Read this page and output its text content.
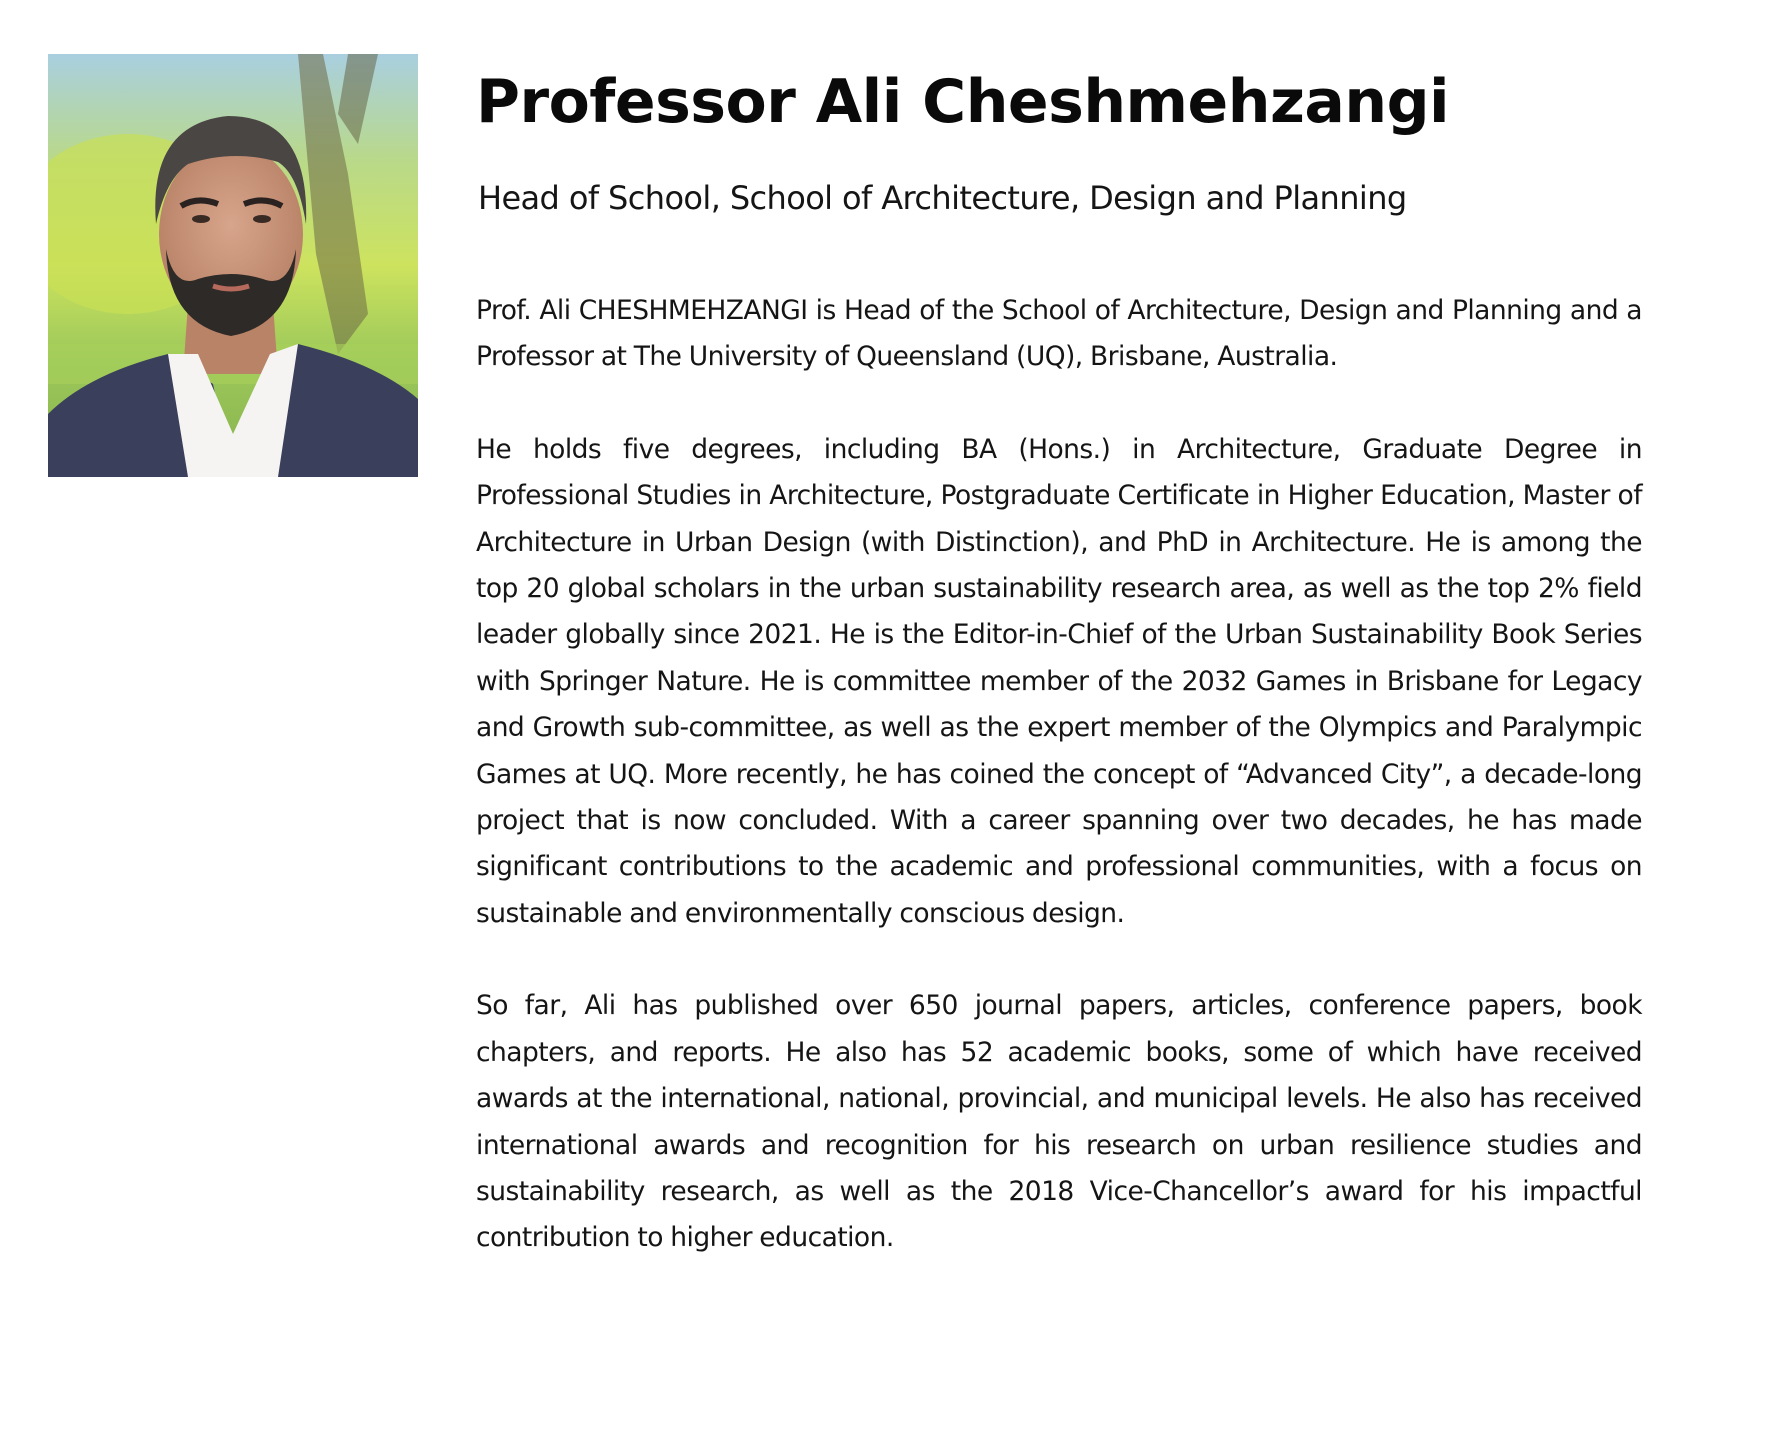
Professor Ali Cheshmehzangi
Head of School, School of Architecture, Design and Planning

Prof. Ali CHESHMEHZANGI is Head of the School of Architecture, Design and Planning and a Professor at The University of Queensland (UQ), Brisbane, Australia.

He holds five degrees, including BA (Hons.) in Architecture, Graduate Degree in Professional Studies in Architecture, Postgraduate Certificate in Higher Education, Master of Architecture in Urban Design (with Distinction), and PhD in Architecture. He is among the top 20 global scholars in the urban sustainability research area, as well as the top 2% field leader globally since 2021. He is the Editor-in-Chief of the Urban Sustainability Book Series with Springer Nature. He is committee member of the 2032 Games in Brisbane for Legacy and Growth sub-committee, as well as the expert member of the Olympics and Paralympic Games at UQ. More recently, he has coined the concept of “Advanced City”, a decade-long project that is now concluded. With a career spanning over two decades, he has made significant contributions to the academic and professional communities, with a focus on sustainable and environmentally conscious design.

So far, Ali has published over 650 journal papers, articles, conference papers, book chapters, and reports. He also has 52 academic books, some of which have received awards at the international, national, provincial, and municipal levels. He also has received international awards and recognition for his research on urban resilience studies and sustainability research, as well as the 2018 Vice-Chancellor’s award for his impactful contribution to higher education.
